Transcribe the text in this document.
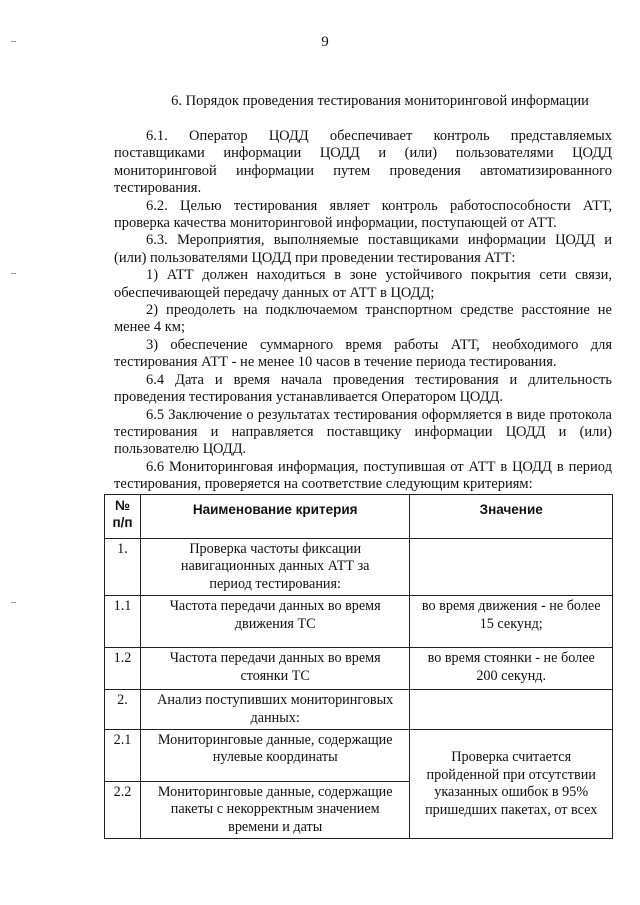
9
6. Порядок проведения тестирования мониторинговой информации

6.1. Оператор ЦОДД обеспечивает контроль представляемых поставщиками информации ЦОДД и (или) пользователями ЦОДД мониторинговой информации путем проведения автоматизированного тестирования.

6.2. Целью тестирования являет контроль работоспособности АТТ, проверка качества мониторинговой информации, поступающей от АТТ.

6.3. Мероприятия, выполняемые поставщиками информации ЦОДД и (или) пользователями ЦОДД при проведении тестирования АТТ:

1) АТТ должен находиться в зоне устойчивого покрытия сети связи, обеспечивающей передачу данных от АТТ в ЦОДД;

2) преодолеть на подключаемом транспортном средстве расстояние не менее 4 км;

3) обеспечение суммарного время работы АТТ, необходимого для тестирования АТТ - не менее 10 часов в течение периода тестирования.

6.4 Дата и время начала проведения тестирования и длительность проведения тестирования устанавливается Оператором ЦОДД.

6.5 Заключение о результатах тестирования оформляется в виде протокола тестирования и направляется поставщику информации ЦОДД и (или) пользователю ЦОДД.

6.6 Мониторинговая информация, поступившая от АТТ в ЦОДД в период тестирования, проверяется на соответствие следующим критериям:

№ п/п	Наименование критерия	Значение
1.	Проверка частоты фиксации навигационных данных АТТ за период тестирования:	
1.1	Частота передачи данных во время движения ТС	во время движения - не более 15 секунд;
1.2	Частота передачи данных во время стоянки ТС	во время стоянки - не более 200 секунд.
2.	Анализ поступивших мониторинговых данных:	
2.1	Мониторинговые данные, содержащие нулевые координаты	Проверка считается пройденной при отсутствии указанных ошибок в 95% пришедших пакетах, от всех
2.2	Мониторинговые данные, содержащие пакеты с некорректным значением времени и даты	
